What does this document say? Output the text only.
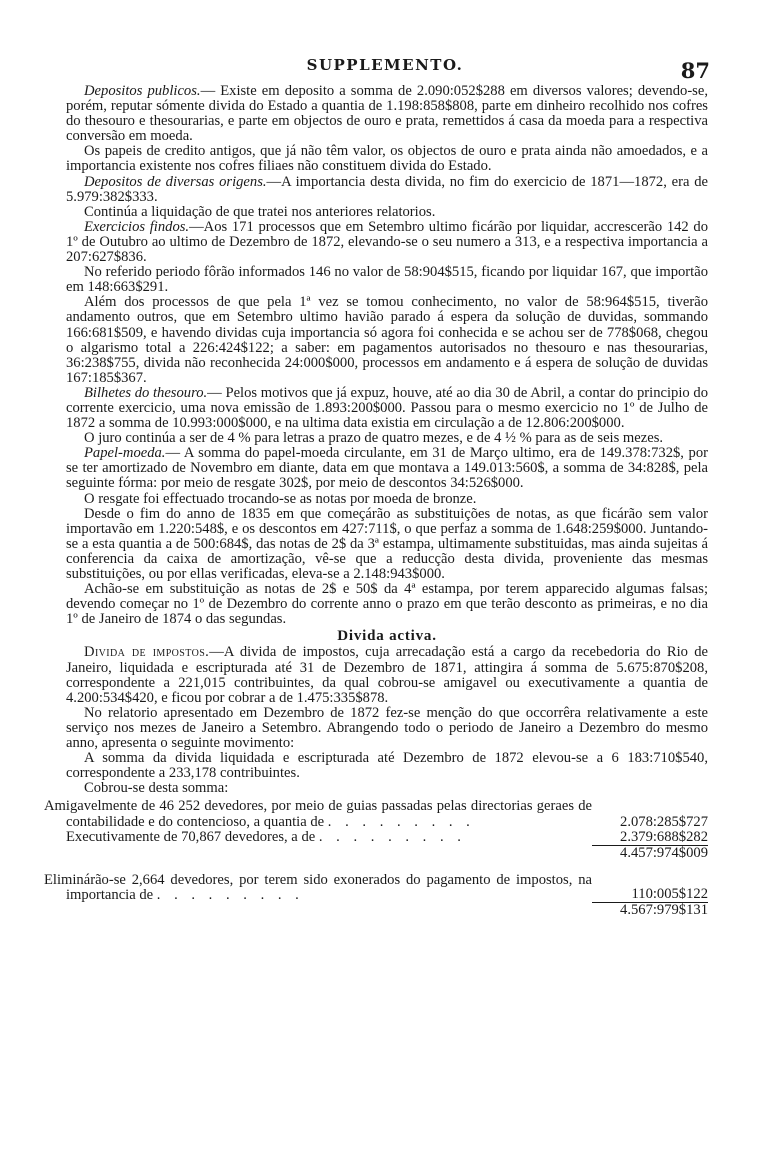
SUPPLEMENTO.	87

Depositos publicos.— Existe em deposito a somma de 2.090:052$288 em diversos valores; devendo-se, porém, reputar sómente divida do Estado a quantia de 1.198:858$808, parte em dinheiro recolhido nos cofres do thesouro e thesourarias, e parte em objectos de ouro e prata, remettidos á casa da moeda para a respectiva conversão em moeda.

Os papeis de credito antigos, que já não têm valor, os objectos de ouro e prata ainda não amoedados, e a importancia existente nos cofres filiaes não constituem divida do Estado.

Depositos de diversas origens.—A importancia desta divida, no fim do exercicio de 1871—1872, era de 5.979:382$333.

Continúa a liquidação de que tratei nos anteriores relatorios.

Exercicios findos.—Aos 171 processos que em Setembro ultimo ficárão por liquidar, accrescerão 142 do 1º de Outubro ao ultimo de Dezembro de 1872, elevando-se o seu numero a 313, e a respectiva importancia a 207:627$836.

No referido periodo fôrão informados 146 no valor de 58:904$515, ficando por liquidar 167, que importão em 148:663$291.

Além dos processos de que pela 1ª vez se tomou conhecimento, no valor de 58:964$515, tiverão andamento outros, que em Setembro ultimo havião parado á espera da solução de duvidas, sommando 166:681$509, e havendo dividas cuja importancia só agora foi conhecida e se achou ser de 778$068, chegou o algarismo total a 226:424$122; a saber: em pagamentos autorisados no thesouro e nas thesourarias, 36:238$755, divida não reconhecida 24:000$000, processos em andamento e á espera de solução de duvidas 167:185$367.

Bilhetes do thesouro.— Pelos motivos que já expuz, houve, até ao dia 30 de Abril, a contar do principio do corrente exercicio, uma nova emissão de 1.893:200$000. Passou para o mesmo exercicio no 1º de Julho de 1872 a somma de 10.993:000$000, e na ultima data existia em circulação a de 12.806:200$000.

O juro continúa a ser de 4 % para letras a prazo de quatro mezes, e de 4 ½ % para as de seis mezes.

Papel-moeda.— A somma do papel-moeda circulante, em 31 de Março ultimo, era de 149.378:732$, por se ter amortizado de Novembro em diante, data em que montava a 149.013:560$, a somma de 34:828$, pela seguinte fórma: por meio de resgate 302$, por meio de descontos 34:526$000.

O resgate foi effectuado trocando-se as notas por moeda de bronze.

Desde o fim do anno de 1835 em que começárão as substituições de notas, as que ficárão sem valor importavão em 1.220:548$, e os descontos em 427:711$, o que perfaz a somma de 1.648:259$000. Juntando-se a esta quantia a de 500:684$, das notas de 2$ da 3ª estampa, ultimamente substituidas, mas ainda sujeitas á conferencia da caixa de amortização, vê-se que a reducção desta divida, proveniente das mesmas substituições, ou por ellas verificadas, eleva-se a 2.148:943$000.

Achão-se em substituição as notas de 2$ e 50$ da 4ª estampa, por terem apparecido algumas falsas; devendo começar no 1º de Dezembro do corrente anno o prazo em que terão desconto as primeiras, e no dia 1º de Janeiro de 1874 o das segundas.

Divida activa.

Divida de impostos.—A divida de impostos, cuja arrecadação está a cargo da recebedoria do Rio de Janeiro, liquidada e escripturada até 31 de Dezembro de 1871, attingira á somma de 5.675:870$208, correspondente a 221,015 contribuintes, da qual cobrou-se amigavel ou executivamente a quantia de 4.200:534$420, e ficou por cobrar a de 1.475:335$878.

No relatorio apresentado em Dezembro de 1872 fez-se menção do que occorrêra relativamente a este serviço nos mezes de Janeiro a Setembro. Abrangendo todo o periodo de Janeiro a Dezembro do mesmo anno, apresenta o seguinte movimento:

A somma da divida liquidada e escripturada até Dezembro de 1872 elevou-se a 6 183:710$540, correspondente a 233,178 contribuintes.

Cobrou-se desta somma:

Amigavelmente de 46 252 devedores, por meio de guias passadas pelas directorias geraes de contabilidade e do contencioso, a quantia de . . . . . . . . .	2.078:285$727
Executivamente de 70,867 devedores, a de . . . . . . . . .	2.379:688$282
	4.457:974$009

Eliminárão-se 2,664 devedores, por terem sido exonerados do pagamento de impostos, na importancia de . . . . . . . . .	110:005$122
	4.567:979$131
